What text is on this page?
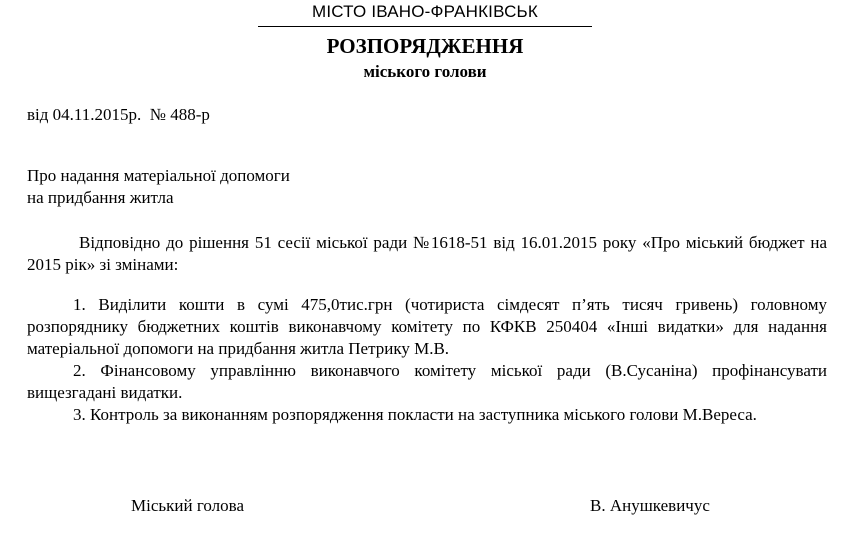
МІСТО ІВАНО-ФРАНКІВСЬК
РОЗПОРЯДЖЕННЯ
міського голови
від 04.11.2015р.  № 488-р
Про надання матеріальної допомоги
на придбання житла
Відповідно до рішення 51 сесії міської ради №1618-51 від 16.01.2015 року «Про міський бюджет на 2015 рік» зі змінами:

1. Виділити кошти в сумі 475,0тис.грн (чотириста сімдесят п’ять тисяч гривень) головному розпоряднику бюджетних коштів виконавчому комітету по КФКВ 250404 «Інші видатки» для надання матеріальної допомоги на придбання житла Петрику М.В.

2. Фінансовому управлінню виконавчого комітету міської ради (В.Сусаніна) профінансувати вищезгадані видатки.

3. Контроль за виконанням розпорядження покласти на заступника міського голови М.Вереса.

Міський голова	В. Анушкевичус
